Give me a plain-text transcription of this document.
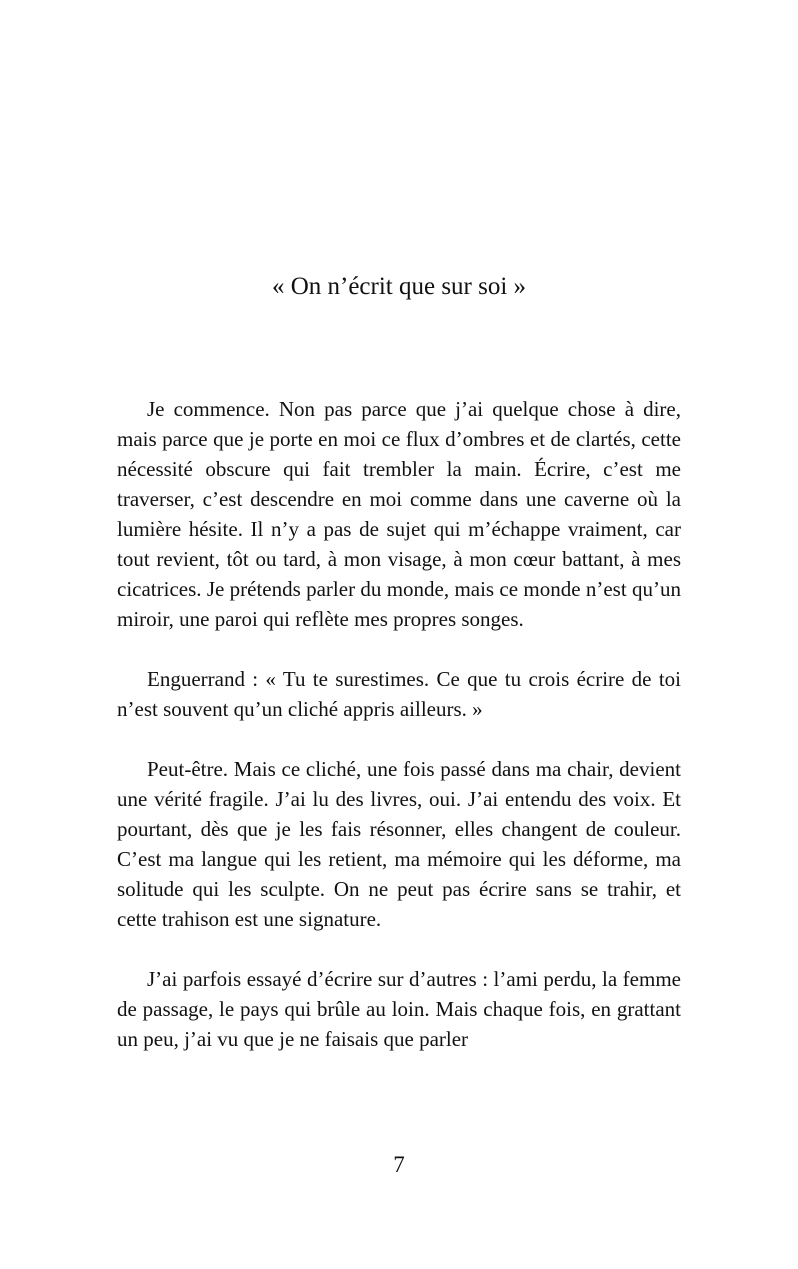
« On n’écrit que sur soi »

Je commence. Non pas parce que j’ai quelque chose à dire, mais parce que je porte en moi ce flux d’ombres et de clartés, cette nécessité obscure qui fait trembler la main. Écrire, c’est me traverser, c’est descendre en moi comme dans une caverne où la lumière hésite. Il n’y a pas de sujet qui m’échappe vraiment, car tout revient, tôt ou tard, à mon visage, à mon cœur battant, à mes cicatrices. Je prétends parler du monde, mais ce monde n’est qu’un miroir, une paroi qui reflète mes propres songes.

Enguerrand : « Tu te surestimes. Ce que tu crois écrire de toi n’est souvent qu’un cliché appris ailleurs. »

Peut-être. Mais ce cliché, une fois passé dans ma chair, devient une vérité fragile. J’ai lu des livres, oui. J’ai entendu des voix. Et pourtant, dès que je les fais résonner, elles changent de couleur. C’est ma langue qui les retient, ma mémoire qui les déforme, ma solitude qui les sculpte. On ne peut pas écrire sans se trahir, et cette trahison est une signature.

J’ai parfois essayé d’écrire sur d’autres : l’ami perdu, la femme de passage, le pays qui brûle au loin. Mais chaque fois, en grattant un peu, j’ai vu que je ne faisais que parler

7
